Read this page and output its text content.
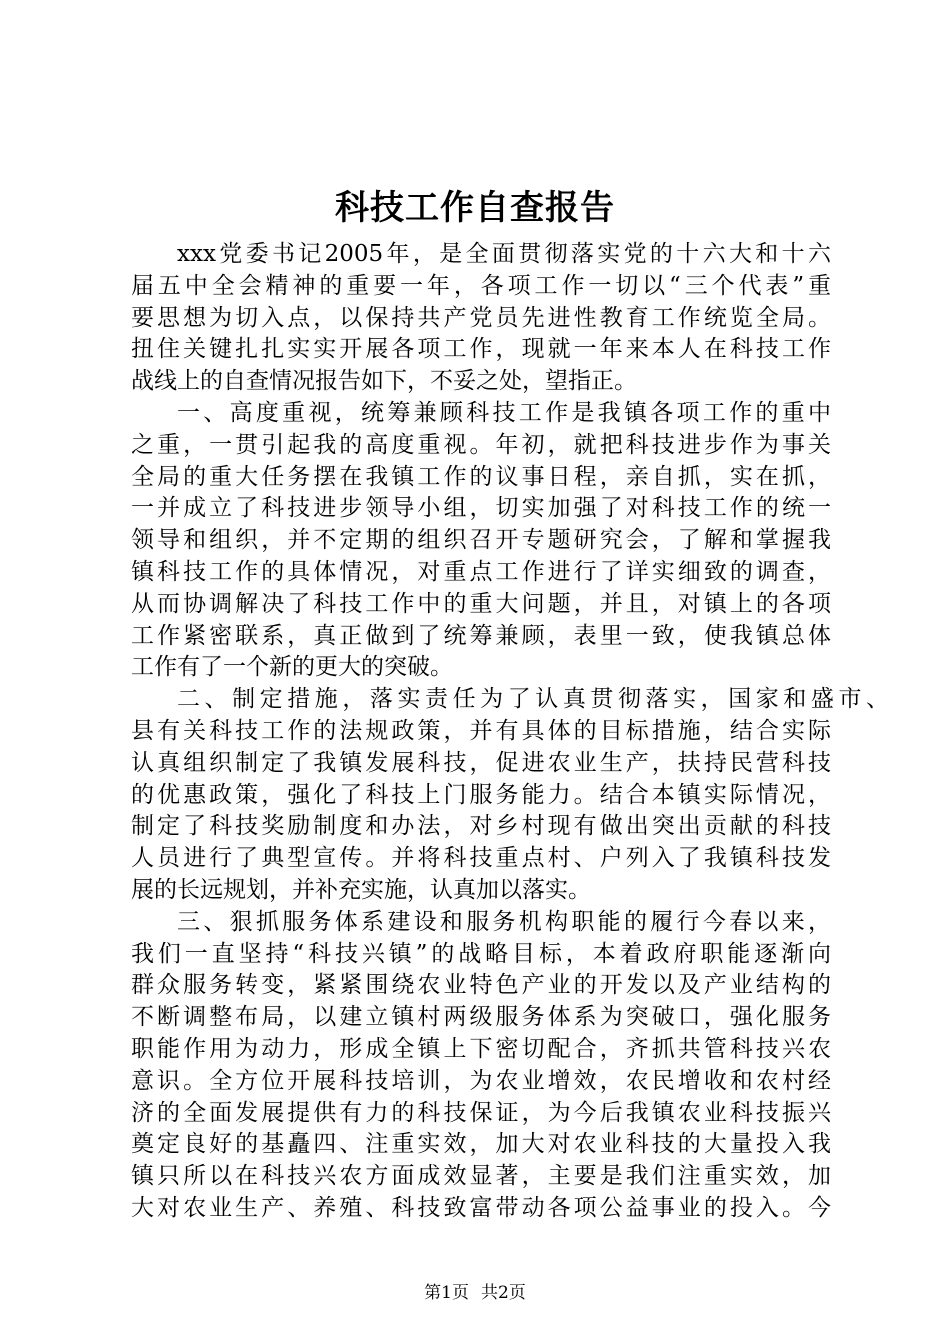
科技工作自查报告

xxx党委书记2005年，是全面贯彻落实党的十六大和十六

届五中全会精神的重要一年，各项工作一切以“三个代表”重

要思想为切入点，以保持共产党员先进性教育工作统览全局。

扭住关键扎扎实实开展各项工作，现就一年来本人在科技工作

战线上的自查情况报告如下，不妥之处，望指正。

一、高度重视，统筹兼顾科技工作是我镇各项工作的重中

之重，一贯引起我的高度重视。年初，就把科技进步作为事关

全局的重大任务摆在我镇工作的议事日程，亲自抓，实在抓，

一并成立了科技进步领导小组，切实加强了对科技工作的统一

领导和组织，并不定期的组织召开专题研究会，了解和掌握我

镇科技工作的具体情况，对重点工作进行了详实细致的调查，

从而协调解决了科技工作中的重大问题，并且，对镇上的各项

工作紧密联系，真正做到了统筹兼顾，表里一致，使我镇总体

工作有了一个新的更大的突破。

二、制定措施，落实责任为了认真贯彻落实，国家和盛市、

县有关科技工作的法规政策，并有具体的目标措施，结合实际

认真组织制定了我镇发展科技，促进农业生产，扶持民营科技

的优惠政策，强化了科技上门服务能力。结合本镇实际情况，

制定了科技奖励制度和办法，对乡村现有做出突出贡献的科技

人员进行了典型宣传。并将科技重点村、户列入了我镇科技发

展的长远规划，并补充实施，认真加以落实。

三、狠抓服务体系建设和服务机构职能的履行今春以来，

我们一直坚持“科技兴镇”的战略目标，本着政府职能逐渐向

群众服务转变，紧紧围绕农业特色产业的开发以及产业结构的

不断调整布局，以建立镇村两级服务体系为突破口，强化服务

职能作用为动力，形成全镇上下密切配合，齐抓共管科技兴农

意识。全方位开展科技培训，为农业增效，农民增收和农村经

济的全面发展提供有力的科技保证，为今后我镇农业科技振兴

奠定良好的基矗四、注重实效，加大对农业科技的大量投入我

镇只所以在科技兴农方面成效显著，主要是我们注重实效，加

大对农业生产、养殖、科技致富带动各项公益事业的投入。今

第1页 共2页
